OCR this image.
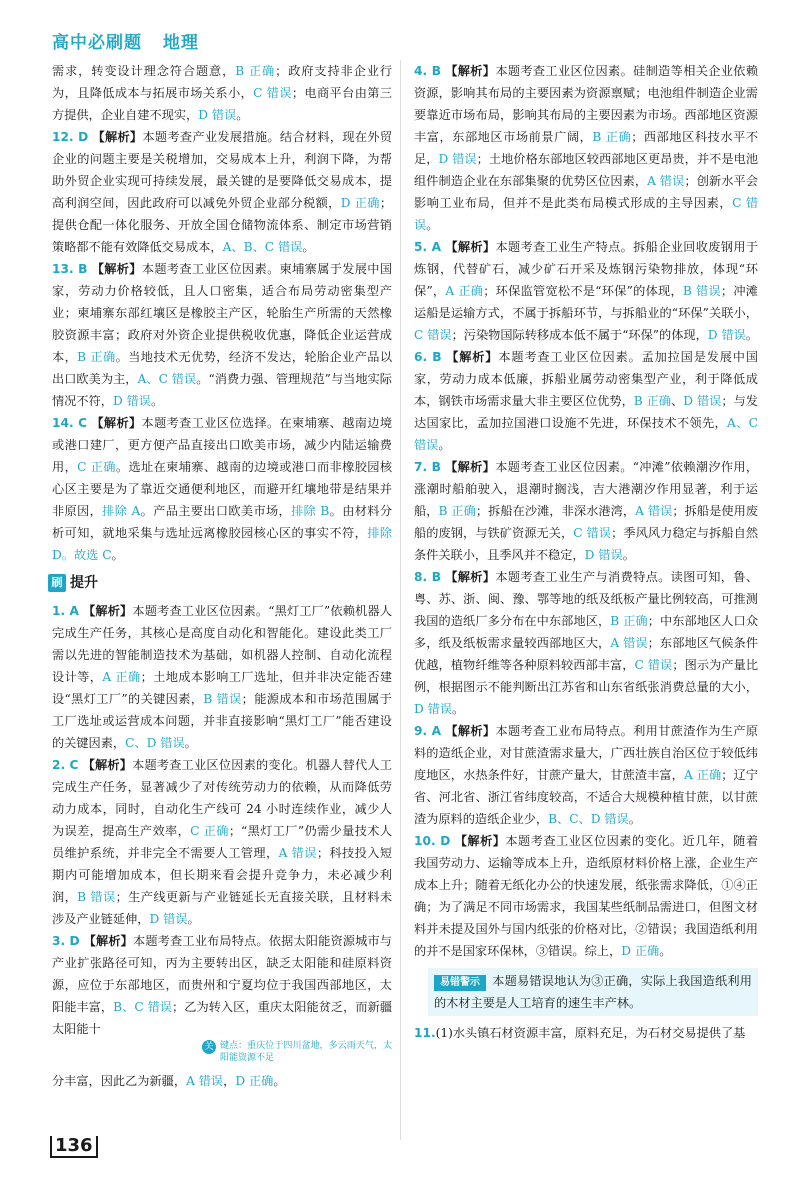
高中必刷题 地理

需求，转变设计理念符合题意，B 正确；政府支持非企业行为，且降低成本与拓展市场关系小，C 错误；电商平台由第三方提供，企业自建不现实，D 错误。

12. D 【解析】本题考查产业发展措施。结合材料，现在外贸企业的问题主要是关税增加，交易成本上升，利润下降，为帮助外贸企业实现可持续发展，最关键的是要降低交易成本，提高利润空间，因此政府可以减免外贸企业部分税额，D 正确；提供仓配一体化服务、开放全国仓储物流体系、制定市场营销策略都不能有效降低交易成本，A、B、C 错误。

13. B 【解析】本题考查工业区位因素。柬埔寨属于发展中国家，劳动力价格较低，且人口密集，适合布局劳动密集型产业；柬埔寨东部红壤区是橡胶主产区，轮胎生产所需的天然橡胶资源丰富；政府对外资企业提供税收优惠，降低企业运营成本，B 正确。当地技术无优势，经济不发达，轮胎企业产品以出口欧美为主，A、C 错误。“消费力强、管理规范”与当地实际情况不符，D 错误。

14. C 【解析】本题考查工业区位选择。在柬埔寨、越南边境或港口建厂，更方便产品直接出口欧美市场，减少内陆运输费用，C 正确。选址在柬埔寨、越南的边境或港口而非橡胶园核心区主要是为了靠近交通便利地区，而避开红壤地带是结果并非原因，排除 A。产品主要出口欧美市场，排除 B。由材料分析可知，就地采集与选址远离橡胶园核心区的事实不符，排除 D。故选 C。

刷 提升

1. A 【解析】本题考查工业区位因素。“黑灯工厂”依赖机器人完成生产任务，其核心是高度自动化和智能化。建设此类工厂需以先进的智能制造技术为基础，如机器人控制、自动化流程设计等，A 正确；土地成本影响工厂选址，但并非决定能否建设“黑灯工厂”的关键因素，B 错误；能源成本和市场范围属于工厂选址或运营成本问题，并非直接影响“黑灯工厂”能否建设的关键因素，C、D 错误。

2. C 【解析】本题考查工业区位因素的变化。机器人替代人工完成生产任务，显著减少了对传统劳动力的依赖，从而降低劳动力成本，同时，自动化生产线可 24 小时连续作业，减少人为误差，提高生产效率，C 正确；“黑灯工厂”仍需少量技术人员维护系统，并非完全不需要人工管理，A 错误；科技投入短期内可能增加成本，但长期来看会提升竞争力，未必减少利润，B 错误；生产线更新与产业链延长无直接关联，且材料未涉及产业链延伸，D 错误。

3. D 【解析】本题考查工业布局特点。依据太阳能资源城市与产业扩张路径可知，丙为主要转出区，缺乏太阳能和硅原料资源，应位于东部地区，而贵州和宁夏均位于我国西部地区，太阳能丰富，B、C 错误；乙为转入区，重庆太阳能贫乏，而新疆太阳能十

关 键点：重庆位于四川盆地，多云雨天气，太阳能资源不足

分丰富，因此乙为新疆，A 错误，D 正确。

4. B 【解析】本题考查工业区位因素。硅制造等相关企业依赖资源，影响其布局的主要因素为资源禀赋；电池组件制造企业需要靠近市场布局，影响其布局的主要因素为市场。西部地区资源丰富，东部地区市场前景广阔，B 正确；西部地区科技水平不足，D 错误；土地价格东部地区较西部地区更昂贵，并不是电池组件制造企业在东部集聚的优势区位因素，A 错误；创新水平会影响工业布局，但并不是此类布局模式形成的主导因素，C 错误。

5. A 【解析】本题考查工业生产特点。拆船企业回收废钢用于炼钢，代替矿石，减少矿石开采及炼钢污染物排放，体现“环保”，A 正确；环保监管宽松不是“环保”的体现，B 错误；冲滩运船是运输方式，不属于拆船环节，与拆船业的“环保”关联小，C 错误；污染物国际转移成本低不属于“环保”的体现，D 错误。

6. B 【解析】本题考查工业区位因素。孟加拉国是发展中国家，劳动力成本低廉，拆船业属劳动密集型产业，利于降低成本，钢铁市场需求量大非主要区位优势，B 正确、D 错误；与发达国家比，孟加拉国港口设施不先进，环保技术不领先，A、C 错误。

7. B 【解析】本题考查工业区位因素。“冲滩”依赖潮汐作用，涨潮时船舶驶入，退潮时搁浅，吉大港潮汐作用显著，利于运船，B 正确；拆船在沙滩，非深水港湾，A 错误；拆船是使用废船的废钢，与铁矿资源无关，C 错误；季风风力稳定与拆船自然条件关联小，且季风并不稳定，D 错误。

8. B 【解析】本题考查工业生产与消费特点。读图可知，鲁、粤、苏、浙、闽、豫、鄂等地的纸及纸板产量比例较高，可推测我国的造纸厂多分布在中东部地区，B 正确；中东部地区人口众多，纸及纸板需求量较西部地区大，A 错误；东部地区气候条件优越，植物纤维等各种原料较西部丰富，C 错误；图示为产量比例，根据图示不能判断出江苏省和山东省纸张消费总量的大小，D 错误。

9. A 【解析】本题考查工业布局特点。利用甘蔗渣作为生产原料的造纸企业，对甘蔗渣需求量大，广西壮族自治区位于较低纬度地区，水热条件好，甘蔗产量大，甘蔗渣丰富，A 正确；辽宁省、河北省、浙江省纬度较高，不适合大规模种植甘蔗，以甘蔗渣为原料的造纸企业少，B、C、D 错误。

10. D 【解析】本题考查工业区位因素的变化。近几年，随着我国劳动力、运输等成本上升，造纸原材料价格上涨，企业生产成本上升；随着无纸化办公的快速发展，纸张需求降低，①④正确；为了满足不同市场需求，我国某些纸制品需进口，但图文材料并未提及国外与国内纸张的价格对比，②错误；我国造纸利用的并不是国家环保林，③错误。综上，D 正确。

易错警示 本题易错误地认为③正确，实际上我国造纸利用的木材主要是人工培育的速生丰产林。

11.(1)水头镇石材资源丰富，原料充足，为石材交易提供了基

136
